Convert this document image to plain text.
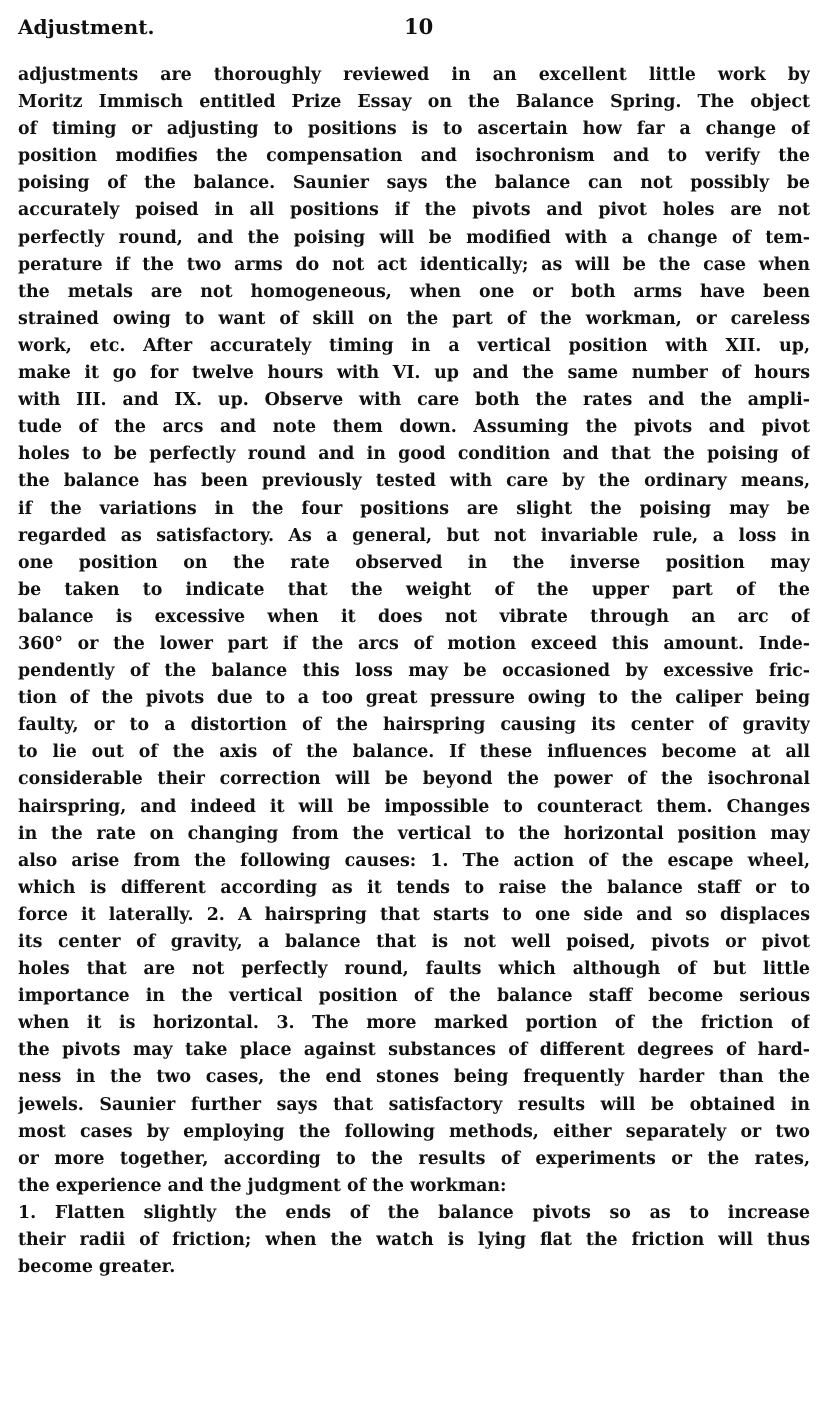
Adjustment.	10
adjustments are thoroughly reviewed in an excellent little work by
Moritz Immisch entitled Prize Essay on the Balance Spring. The object
of timing or adjusting to positions is to ascertain how far a change of
position modifies the compensation and isochronism and to verify the
poising of the balance. Saunier says the balance can not possibly be
accurately poised in all positions if the pivots and pivot holes are not
perfectly round, and the poising will be modified with a change of tem-
perature if the two arms do not act identically; as will be the case when
the metals are not homogeneous, when one or both arms have been
strained owing to want of skill on the part of the workman, or careless
work, etc. After accurately timing in a vertical position with XII. up,
make it go for twelve hours with VI. up and the same number of hours
with III. and IX. up. Observe with care both the rates and the ampli-
tude of the arcs and note them down. Assuming the pivots and pivot
holes to be perfectly round and in good condition and that the poising of
the balance has been previously tested with care by the ordinary means,
if the variations in the four positions are slight the poising may be
regarded as satisfactory. As a general, but not invariable rule, a loss in
one position on the rate observed in the inverse position may
be taken to indicate that the weight of the upper part of the
balance is excessive when it does not vibrate through an arc of
360° or the lower part if the arcs of motion exceed this amount. Inde-
pendently of the balance this loss may be occasioned by excessive fric-
tion of the pivots due to a too great pressure owing to the caliper being
faulty, or to a distortion of the hairspring causing its center of gravity
to lie out of the axis of the balance. If these influences become at all
considerable their correction will be beyond the power of the isochronal
hairspring, and indeed it will be impossible to counteract them. Changes
in the rate on changing from the vertical to the horizontal position may
also arise from the following causes: 1. The action of the escape wheel,
which is different according as it tends to raise the balance staff or to
force it laterally. 2. A hairspring that starts to one side and so displaces
its center of gravity, a balance that is not well poised, pivots or pivot
holes that are not perfectly round, faults which although of but little
importance in the vertical position of the balance staff become serious
when it is horizontal. 3. The more marked portion of the friction of
the pivots may take place against substances of different degrees of hard-
ness in the two cases, the end stones being frequently harder than the
jewels. Saunier further says that satisfactory results will be obtained in
most cases by employing the following methods, either separately or two
or more together, according to the results of experiments or the rates,
the experience and the judgment of the workman:
1. Flatten slightly the ends of the balance pivots so as to increase
their radii of friction; when the watch is lying flat the friction will thus
become greater.
